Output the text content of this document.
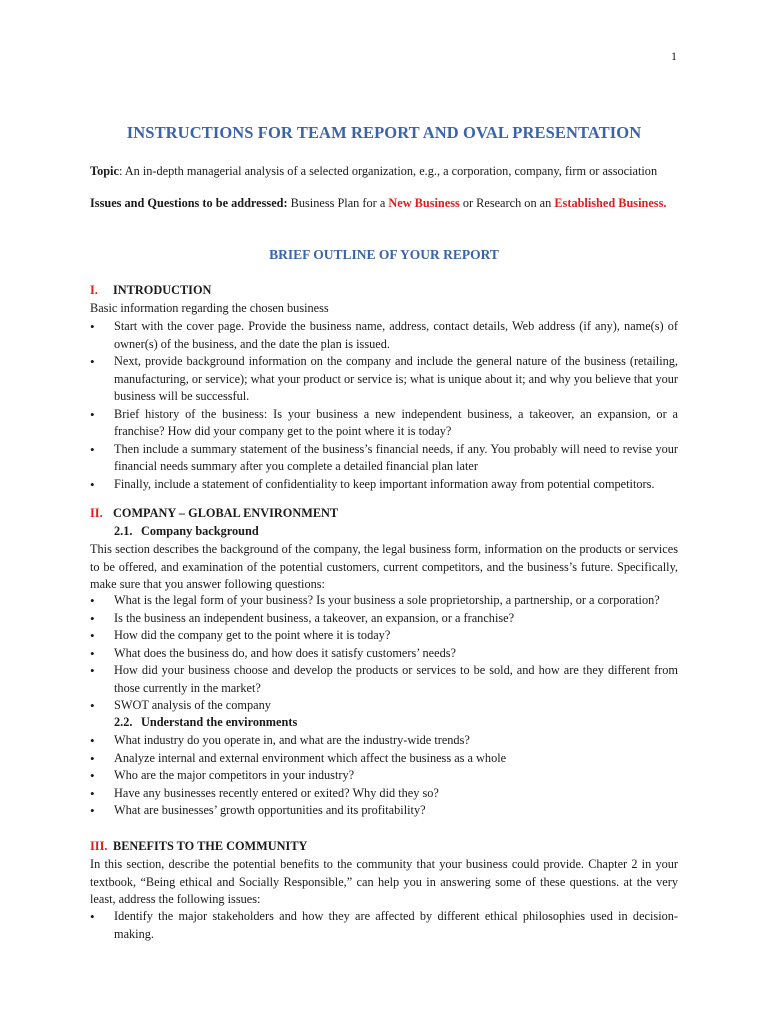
1
INSTRUCTIONS FOR TEAM REPORT AND OVAL PRESENTATION
Topic: An in-depth managerial analysis of a selected organization, e.g., a corporation, company, firm or association
Issues and Questions to be addressed: Business Plan for a New Business or Research on an Established Business.
BRIEF OUTLINE OF YOUR REPORT
I. INTRODUCTION
Basic information regarding the chosen business
• Start with the cover page. Provide the business name, address, contact details, Web address (if any), name(s) of owner(s) of the business, and the date the plan is issued.
• Next, provide background information on the company and include the general nature of the business (retailing, manufacturing, or service); what your product or service is; what is unique about it; and why you believe that your business will be successful.
• Brief history of the business: Is your business a new independent business, a takeover, an expansion, or a franchise? How did your company get to the point where it is today?
• Then include a summary statement of the business’s financial needs, if any. You probably will need to revise your financial needs summary after you complete a detailed financial plan later
• Finally, include a statement of confidentiality to keep important information away from potential competitors.
II. COMPANY – GLOBAL ENVIRONMENT
2.1. Company background
This section describes the background of the company, the legal business form, information on the products or services to be offered, and examination of the potential customers, current competitors, and the business’s future. Specifically, make sure that you answer following questions:
• What is the legal form of your business? Is your business a sole proprietorship, a partnership, or a corporation?
• Is the business an independent business, a takeover, an expansion, or a franchise?
• How did the company get to the point where it is today?
• What does the business do, and how does it satisfy customers’ needs?
• How did your business choose and develop the products or services to be sold, and how are they different from those currently in the market?
• SWOT analysis of the company
2.2. Understand the environments
• What industry do you operate in, and what are the industry-wide trends?
• Analyze internal and external environment which affect the business as a whole
• Who are the major competitors in your industry?
• Have any businesses recently entered or exited? Why did they so?
• What are businesses’ growth opportunities and its profitability?
III. BENEFITS TO THE COMMUNITY
In this section, describe the potential benefits to the community that your business could provide. Chapter 2 in your textbook, “Being ethical and Socially Responsible,” can help you in answering some of these questions. at the very least, address the following issues:
• Identify the major stakeholders and how they are affected by different ethical philosophies used in decision-making.
